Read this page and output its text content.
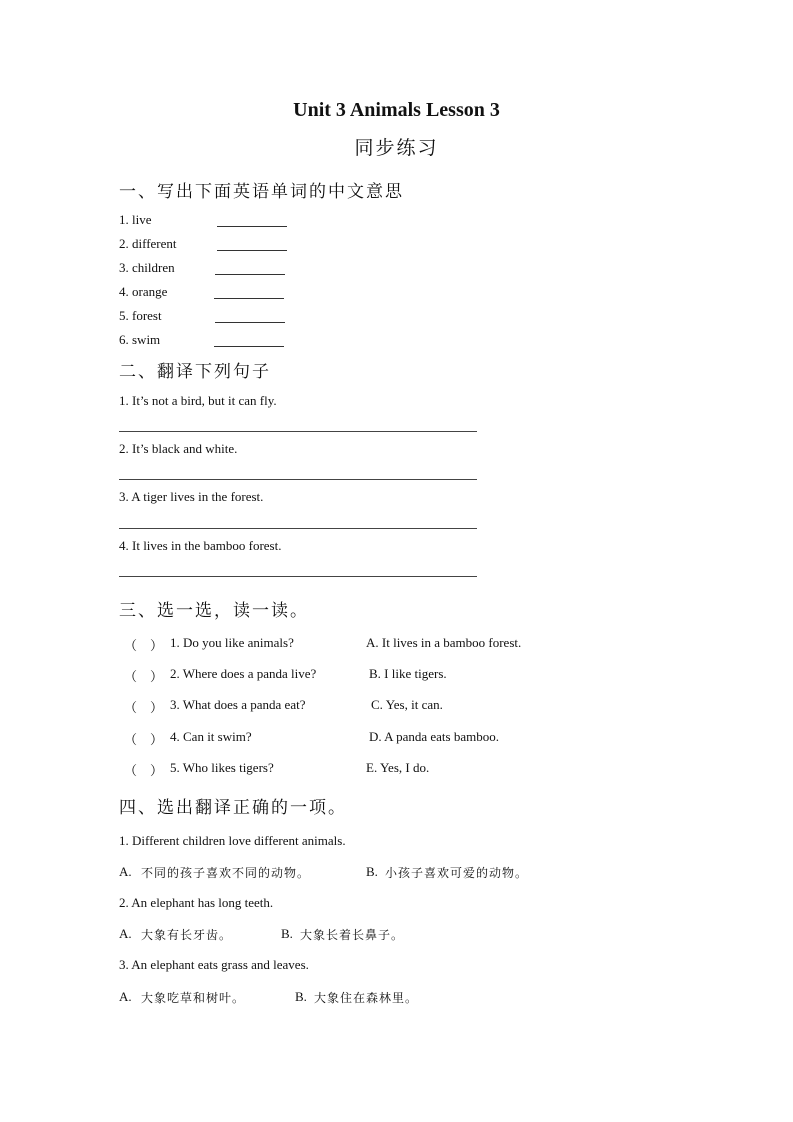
Unit 3 Animals Lesson 3
同步练习
一、写出下面英语单词的中文意思
1. live
2. different
3. children
4. orange
5. forest
6. swim
二、翻译下列句子
1. It’s not a bird, but it can fly.
2. It’s black and white.
3. A tiger lives in the forest.
4. It lives in the bamboo forest.
三、选一选，读一读。
（ ） 1. Do you like animals?	A. It lives in a bamboo forest.
（ ） 2. Where does a panda live?	B. I like tigers.
（ ） 3. What does a panda eat?	C. Yes, it can.
（ ） 4. Can it swim?	D. A panda eats bamboo.
（ ） 5. Who likes tigers?	E. Yes, I do.
四、选出翻译正确的一项。
1. Different children love different animals.
A. 不同的孩子喜欢不同的动物。	B. 小孩子喜欢可爱的动物。
2. An elephant has long teeth.
A. 大象有长牙齿。	B. 大象长着长鼻子。
3. An elephant eats grass and leaves.
A. 大象吃草和树叶。	B. 大象住在森林里。
